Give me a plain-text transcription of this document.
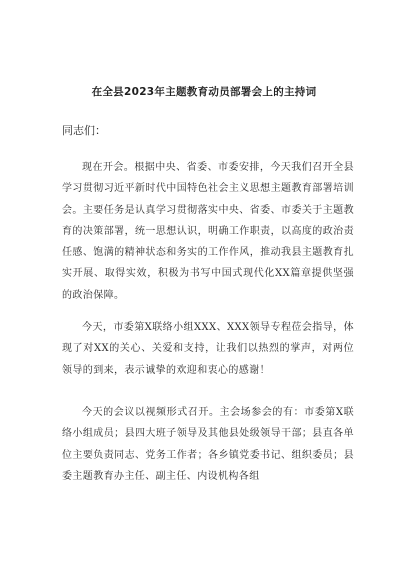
在全县2023年主题教育动员部署会上的主持词
同志们：

现在开会。根据中央、省委、市委安排，今天我们召开全县学习贯彻习近平新时代中国特色社会主义思想主题教育部署培训会。主要任务是认真学习贯彻落实中央、省委、市委关于主题教育的决策部署，统一思想认识，明确工作职责，以高度的政治责任感、饱满的精神状态和务实的工作作风，推动我县主题教育扎实开展、取得实效，积极为书写中国式现代化XX篇章提供坚强的政治保障。

今天，市委第X联络小组XXX、XXX领导专程莅会指导，体现了对XX的关心、关爱和支持，让我们以热烈的掌声，对两位领导的到来，表示诚挚的欢迎和衷心的感谢！

今天的会议以视频形式召开。主会场参会的有：市委第X联络小组成员；县四大班子领导及其他县处级领导干部；县直各单位主要负责同志、党务工作者；各乡镇党委书记、组织委员；县委主题教育办主任、副主任、内设机构各组
